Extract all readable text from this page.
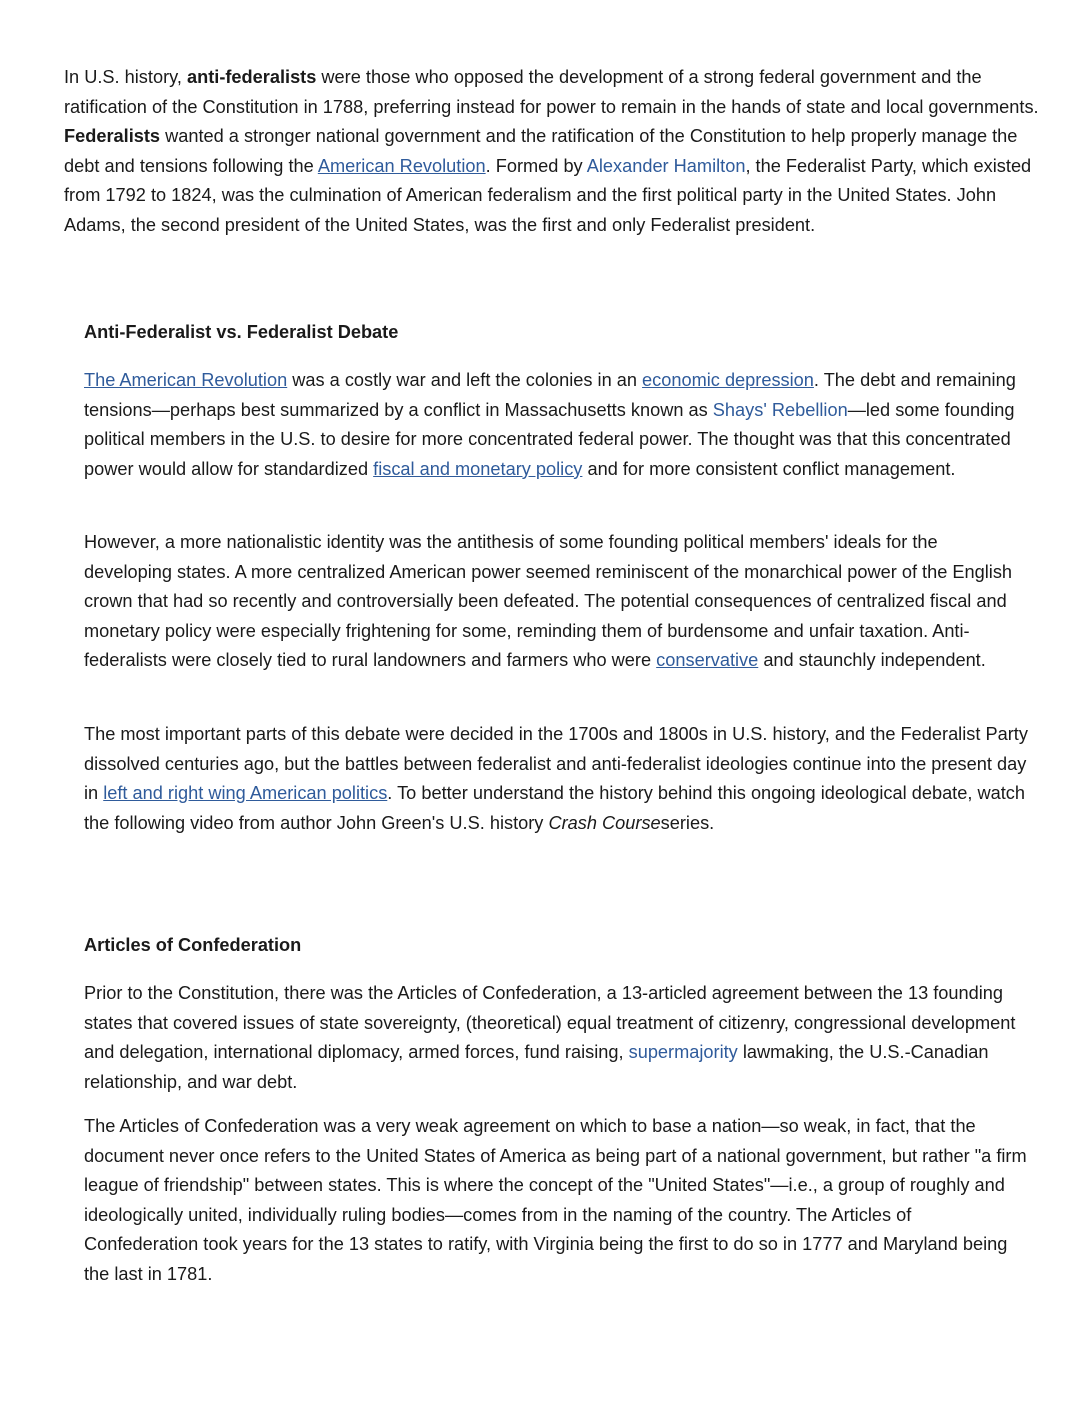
In U.S. history, anti-federalists were those who opposed the development of a strong federal government and the ratification of the Constitution in 1788, preferring instead for power to remain in the hands of state and local governments. Federalists wanted a stronger national government and the ratification of the Constitution to help properly manage the debt and tensions following the American Revolution. Formed by Alexander Hamilton, the Federalist Party, which existed from 1792 to 1824, was the culmination of American federalism and the first political party in the United States. John Adams, the second president of the United States, was the first and only Federalist president.

Anti-Federalist vs. Federalist Debate

The American Revolution was a costly war and left the colonies in an economic depression. The debt and remaining tensions—perhaps best summarized by a conflict in Massachusetts known as Shays' Rebellion—led some founding political members in the U.S. to desire for more concentrated federal power. The thought was that this concentrated power would allow for standardized fiscal and monetary policy and for more consistent conflict management.

However, a more nationalistic identity was the antithesis of some founding political members' ideals for the developing states. A more centralized American power seemed reminiscent of the monarchical power of the English crown that had so recently and controversially been defeated. The potential consequences of centralized fiscal and monetary policy were especially frightening for some, reminding them of burdensome and unfair taxation. Anti-federalists were closely tied to rural landowners and farmers who were conservative and staunchly independent.

The most important parts of this debate were decided in the 1700s and 1800s in U.S. history, and the Federalist Party dissolved centuries ago, but the battles between federalist and anti-federalist ideologies continue into the present day in left and right wing American politics. To better understand the history behind this ongoing ideological debate, watch the following video from author John Green's U.S. history Crash Courseseries.

Articles of Confederation

Prior to the Constitution, there was the Articles of Confederation, a 13-articled agreement between the 13 founding states that covered issues of state sovereignty, (theoretical) equal treatment of citizenry, congressional development and delegation, international diplomacy, armed forces, fund raising, supermajority lawmaking, the U.S.-Canadian relationship, and war debt.

The Articles of Confederation was a very weak agreement on which to base a nation—so weak, in fact, that the document never once refers to the United States of America as being part of a national government, but rather "a firm league of friendship" between states. This is where the concept of the "United States"—i.e., a group of roughly and ideologically united, individually ruling bodies—comes from in the naming of the country. The Articles of Confederation took years for the 13 states to ratify, with Virginia being the first to do so in 1777 and Maryland being the last in 1781.
